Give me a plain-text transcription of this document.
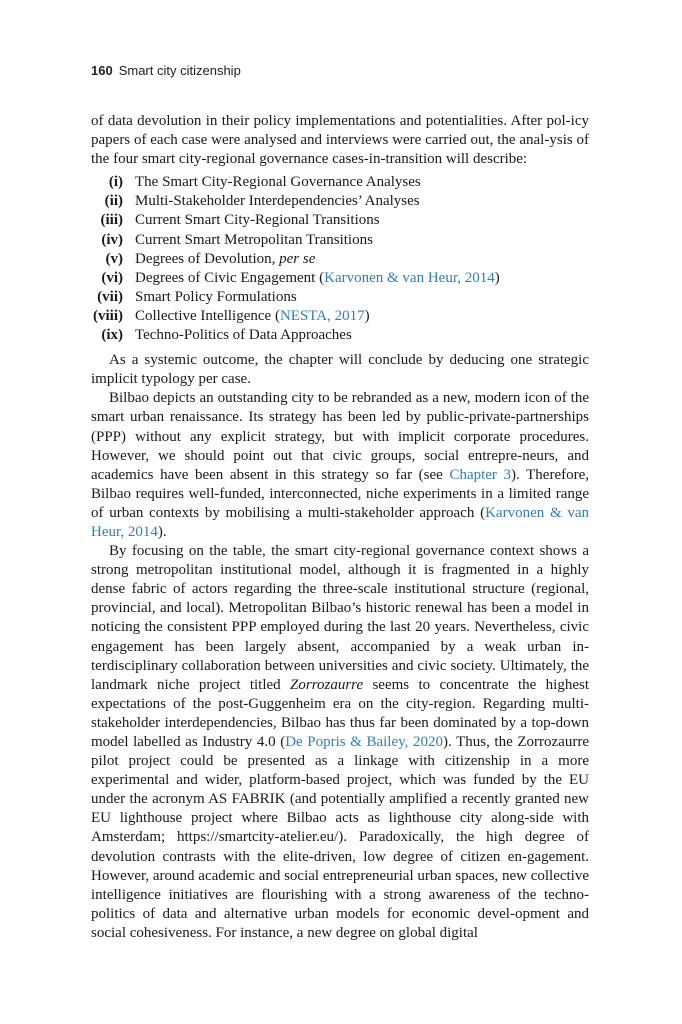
160 Smart city citizenship

of data devolution in their policy implementations and potentialities. After pol-icy papers of each case were analysed and interviews were carried out, the anal-ysis of the four smart city-regional governance cases-in-transition will describe:

(i) The Smart City-Regional Governance Analyses
(ii) Multi-Stakeholder Interdependencies’ Analyses
(iii) Current Smart City-Regional Transitions
(iv) Current Smart Metropolitan Transitions
(v) Degrees of Devolution, per se
(vi) Degrees of Civic Engagement (Karvonen & van Heur, 2014)
(vii) Smart Policy Formulations
(viii) Collective Intelligence (NESTA, 2017)
(ix) Techno-Politics of Data Approaches

As a systemic outcome, the chapter will conclude by deducing one strategic implicit typology per case.

Bilbao depicts an outstanding city to be rebranded as a new, modern icon of the smart urban renaissance. Its strategy has been led by public-private-partnerships (PPP) without any explicit strategy, but with implicit corporate procedures. However, we should point out that civic groups, social entrepre-neurs, and academics have been absent in this strategy so far (see Chapter 3). Therefore, Bilbao requires well-funded, interconnected, niche experiments in a limited range of urban contexts by mobilising a multi-stakeholder approach (Karvonen & van Heur, 2014).

By focusing on the table, the smart city-regional governance context shows a strong metropolitan institutional model, although it is fragmented in a highly dense fabric of actors regarding the three-scale institutional structure (regional, provincial, and local). Metropolitan Bilbao’s historic renewal has been a model in noticing the consistent PPP employed during the last 20 years. Nevertheless, civic engagement has been largely absent, accompanied by a weak urban in-terdisciplinary collaboration between universities and civic society. Ultimately, the landmark niche project titled Zorrozaurre seems to concentrate the highest expectations of the post-Guggenheim era on the city-region. Regarding multi-stakeholder interdependencies, Bilbao has thus far been dominated by a top-down model labelled as Industry 4.0 (De Popris & Bailey, 2020). Thus, the Zorrozaurre pilot project could be presented as a linkage with citizenship in a more experimental and wider, platform-based project, which was funded by the EU under the acronym AS FABRIK (and potentially amplified a recently granted new EU lighthouse project where Bilbao acts as lighthouse city along-side with Amsterdam; https://smartcity-atelier.eu/). Paradoxically, the high degree of devolution contrasts with the elite-driven, low degree of citizen en-gagement. However, around academic and social entrepreneurial urban spaces, new collective intelligence initiatives are flourishing with a strong awareness of the techno-politics of data and alternative urban models for economic devel-opment and social cohesiveness. For instance, a new degree on global digital
